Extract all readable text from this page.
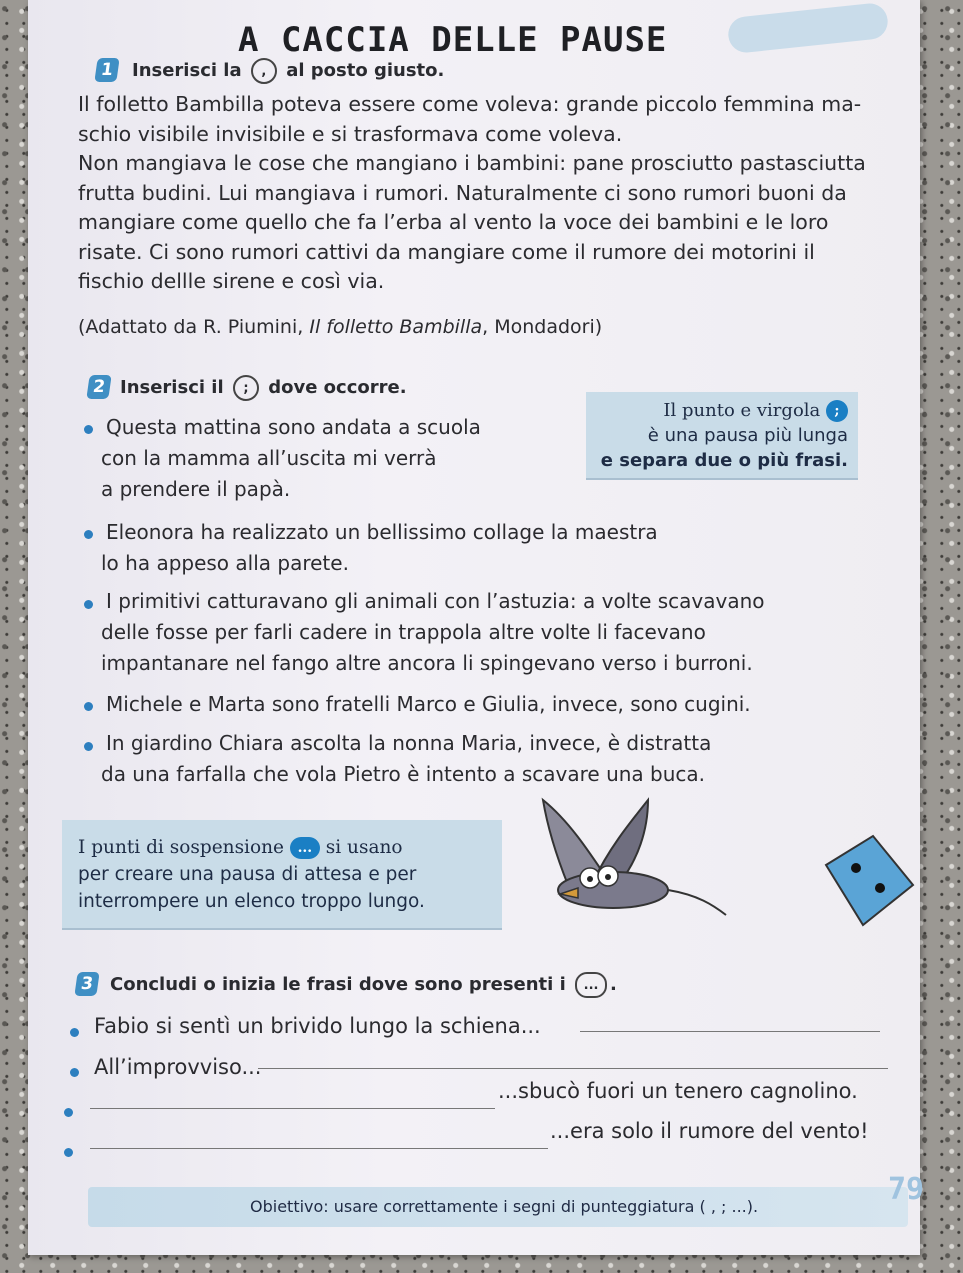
A CACCIA DELLE PAUSE
1 Inserisci la , al posto giusto.
Il folletto Bambilla poteva essere come voleva: grande piccolo femmina ma-
schio visibile invisibile e si trasformava come voleva.
Non mangiava le cose che mangiano i bambini: pane prosciutto pastasciutta
frutta budini. Lui mangiava i rumori. Naturalmente ci sono rumori buoni da
mangiare come quello che fa l’erba al vento la voce dei bambini e le loro
risate. Ci sono rumori cattivi da mangiare come il rumore dei motorini il
fischio dellle sirene e così via.
(Adattato da R. Piumini, Il folletto Bambilla, Mondadori)
2 Inserisci il ; dove occorre.
Il punto e virgola ;
è una pausa più lunga
e separa due o più frasi.
Questa mattina sono andata a scuola
con la mamma all’uscita mi verrà
a prendere il papà.
Eleonora ha realizzato un bellissimo collage la maestra
lo ha appeso alla parete.
I primitivi catturavano gli animali con l’astuzia: a volte scavavano
delle fosse per farli cadere in trappola altre volte li facevano
impantanare nel fango altre ancora li spingevano verso i burroni.
Michele e Marta sono fratelli Marco e Giulia, invece, sono cugini.
In giardino Chiara ascolta la nonna Maria, invece, è distratta
da una farfalla che vola Pietro è intento a scavare una buca.
I punti di sospensione ... si usano
per creare una pausa di attesa e per
interrompere un elenco troppo lungo.
3 Concludi o inizia le frasi dove sono presenti i ... .
Fabio si sentì un brivido lungo la schiena...
All’improvviso...
...sbucò fuori un tenero cagnolino.
...era solo il rumore del vento!
Obiettivo: usare correttamente i segni di punteggiatura ( , ; ...).	79
